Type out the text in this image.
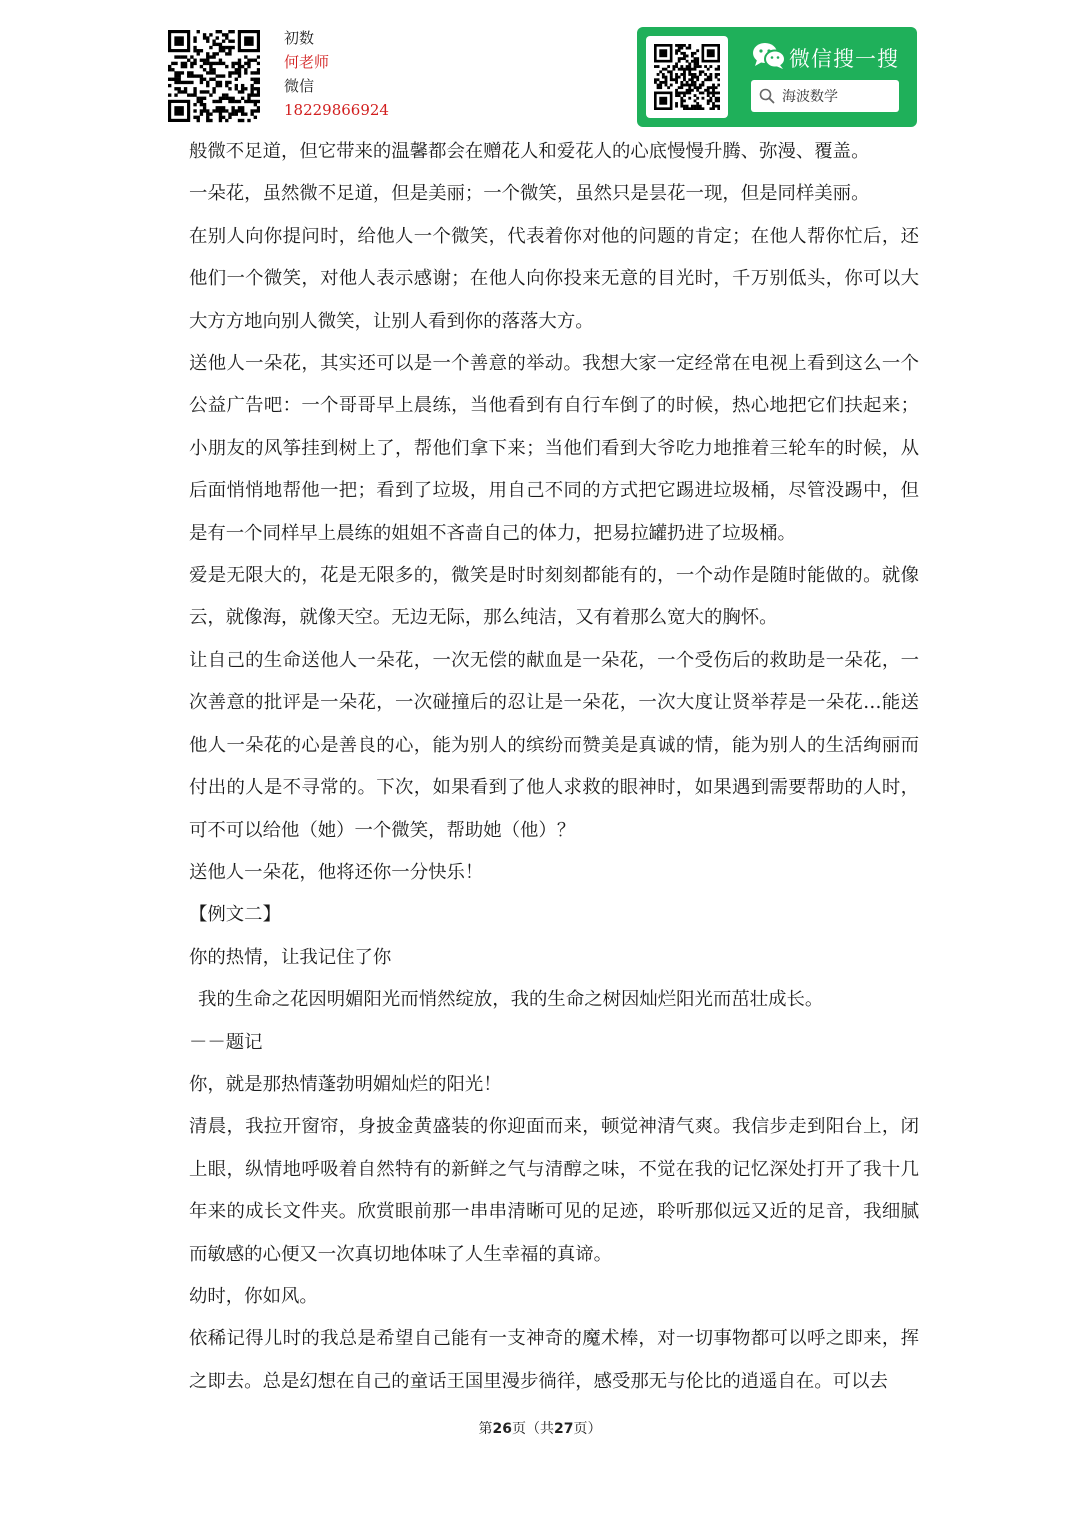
初数
何老师
微信
18229866924
微信搜一搜
海波数学

般微不足道，但它带来的温馨都会在赠花人和爱花人的心底慢慢升腾、弥漫、覆盖。

一朵花，虽然微不足道，但是美丽；一个微笑，虽然只是昙花一现，但是同样美丽。

在别人向你提问时，给他人一个微笑，代表着你对他的问题的肯定；在他人帮你忙后，还他们一个微笑，对他人表示感谢；在他人向你投来无意的目光时，千万别低头，你可以大大方方地向别人微笑，让别人看到你的落落大方。

送他人一朵花，其实还可以是一个善意的举动。我想大家一定经常在电视上看到这么一个公益广告吧：一个哥哥早上晨练，当他看到有自行车倒了的时候，热心地把它们扶起来；小朋友的风筝挂到树上了，帮他们拿下来；当他们看到大爷吃力地推着三轮车的时候，从后面悄悄地帮他一把；看到了垃圾，用自己不同的方式把它踢进垃圾桶，尽管没踢中，但是有一个同样早上晨练的姐姐不吝啬自己的体力，把易拉罐扔进了垃圾桶。

爱是无限大的，花是无限多的，微笑是时时刻刻都能有的，一个动作是随时能做的。就像云，就像海，就像天空。无边无际，那么纯洁，又有着那么宽大的胸怀。

让自己的生命送他人一朵花，一次无偿的献血是一朵花，一个受伤后的救助是一朵花，一次善意的批评是一朵花，一次碰撞后的忍让是一朵花，一次大度让贤举荐是一朵花…能送他人一朵花的心是善良的心，能为别人的缤纷而赞美是真诚的情，能为别人的生活绚丽而付出的人是不寻常的。下次，如果看到了他人求救的眼神时，如果遇到需要帮助的人时，可不可以给他（她）一个微笑，帮助她（他）？

送他人一朵花，他将还你一分快乐！

【例文二】

你的热情，让我记住了你

我的生命之花因明媚阳光而悄然绽放，我的生命之树因灿烂阳光而茁壮成长。

－－题记

你，就是那热情蓬勃明媚灿烂的阳光！

清晨，我拉开窗帘，身披金黄盛装的你迎面而来，顿觉神清气爽。我信步走到阳台上，闭上眼，纵情地呼吸着自然特有的新鲜之气与清醇之味，不觉在我的记忆深处打开了我十几年来的成长文件夹。欣赏眼前那一串串清晰可见的足迹，聆听那似远又近的足音，我细腻而敏感的心便又一次真切地体味了人生幸福的真谛。

幼时，你如风。

依稀记得儿时的我总是希望自己能有一支神奇的魔术棒，对一切事物都可以呼之即来，挥之即去。总是幻想在自己的童话王国里漫步徜徉，感受那无与伦比的逍遥自在。可以去

第26页（共27页）
